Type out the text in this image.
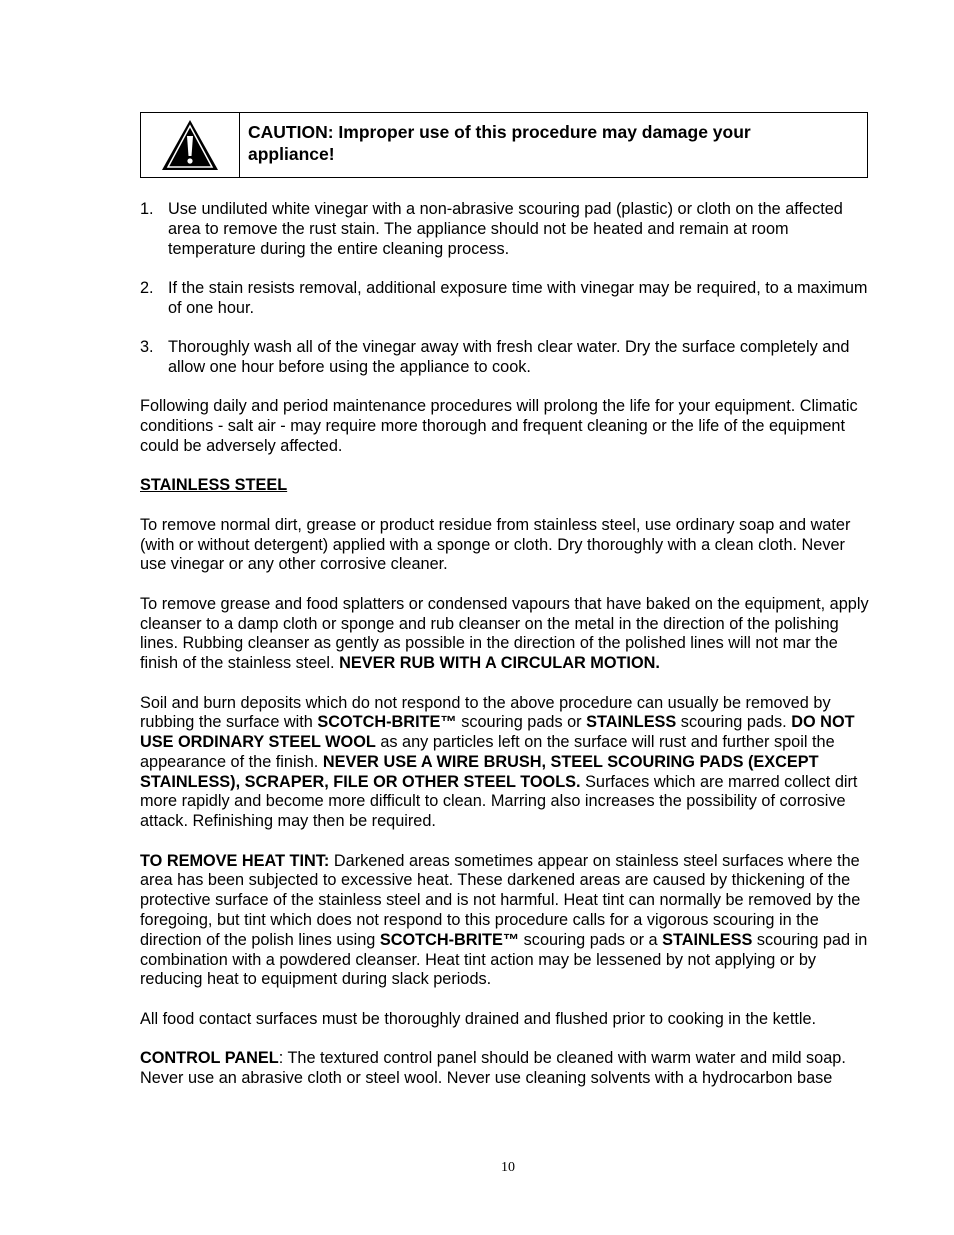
CAUTION: Improper use of this procedure may damage your
appliance!
1. Use undiluted white vinegar with a non-abrasive scouring pad (plastic) or cloth on the affected area to remove the rust stain. The appliance should not be heated and remain at room temperature during the entire cleaning process.
2. If the stain resists removal, additional exposure time with vinegar may be required, to a maximum of one hour.
3. Thoroughly wash all of the vinegar away with fresh clear water. Dry the surface completely and allow one hour before using the appliance to cook.

Following daily and period maintenance procedures will prolong the life for your equipment. Climatic conditions - salt air - may require more thorough and frequent cleaning or the life of the equipment could be adversely affected.

STAINLESS STEEL

To remove normal dirt, grease or product residue from stainless steel, use ordinary soap and water (with or without detergent) applied with a sponge or cloth. Dry thoroughly with a clean cloth. Never use vinegar or any other corrosive cleaner.

To remove grease and food splatters or condensed vapours that have baked on the equipment, apply cleanser to a damp cloth or sponge and rub cleanser on the metal in the direction of the polishing lines. Rubbing cleanser as gently as possible in the direction of the polished lines will not mar the finish of the stainless steel. NEVER RUB WITH A CIRCULAR MOTION.

Soil and burn deposits which do not respond to the above procedure can usually be removed by rubbing the surface with SCOTCH-BRITE™ scouring pads or STAINLESS scouring pads. DO NOT USE ORDINARY STEEL WOOL as any particles left on the surface will rust and further spoil the appearance of the finish. NEVER USE A WIRE BRUSH, STEEL SCOURING PADS (EXCEPT STAINLESS), SCRAPER, FILE OR OTHER STEEL TOOLS. Surfaces which are marred collect dirt more rapidly and become more difficult to clean. Marring also increases the possibility of corrosive attack. Refinishing may then be required.

TO REMOVE HEAT TINT: Darkened areas sometimes appear on stainless steel surfaces where the area has been subjected to excessive heat. These darkened areas are caused by thickening of the protective surface of the stainless steel and is not harmful. Heat tint can normally be removed by the foregoing, but tint which does not respond to this procedure calls for a vigorous scouring in the direction of the polish lines using SCOTCH-BRITE™ scouring pads or a STAINLESS scouring pad in combination with a powdered cleanser. Heat tint action may be lessened by not applying or by reducing heat to equipment during slack periods.

All food contact surfaces must be thoroughly drained and flushed prior to cooking in the kettle.

CONTROL PANEL: The textured control panel should be cleaned with warm water and mild soap. Never use an abrasive cloth or steel wool. Never use cleaning solvents with a hydrocarbon base

10
